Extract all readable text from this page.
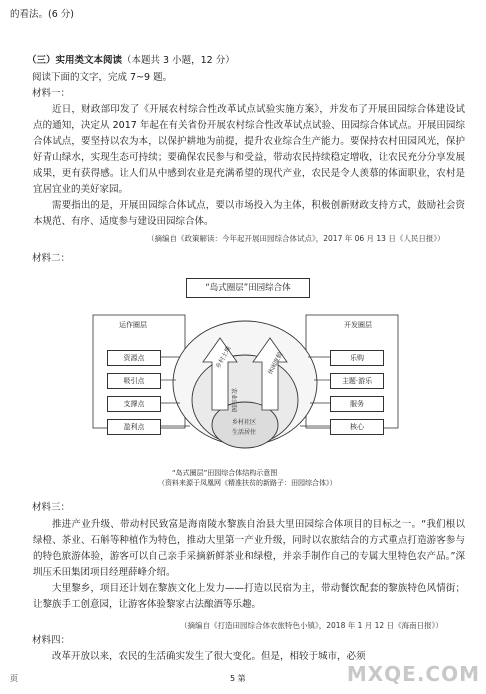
的看法。(6 分)
（三）实用类文本阅读（本题共 3 小题，12 分）
阅读下面的文字，完成 7~9 题。
材料一：
近日，财政部印发了《开展农村综合性改革试点试验实施方案》，并发布了开展田园综合体建设试点的通知，决定从 2017 年起在有关省份开展农村综合性改革试点试验、田园综合体试点。开展田园综合体试点，要坚持以农为本，以保护耕地为前提，提升农业综合生产能力。要保持农村田园风光，保护好青山绿水，实现生态可持续；要确保农民参与和受益，带动农民持续稳定增收，让农民充分分享发展成果，更有获得感。让人们从中感到农业是充满希望的现代产业，农民是令人羡慕的体面职业，农村是宜居宜业的美好家园。
需要指出的是，开展田园综合体试点，要以市场投入为主体，积极创新财政支持方式，鼓励社会资本规范、有序、适度参与建设田园综合体。
（摘编自《政策解读：今年起开展田园综合体试点》，2017 年 06 月 13 日《人民日报》）
材料二：
“岛式圈层”田园综合体
运作圈层	开发圈层
资源点
吸引点
支撑点
盈利点
乐购
主题·游乐
服务
核心
乡村土地
农业田园
休闲度假
乡村社区
生活居住
“岛式圈层”田园综合体结构示意图
（资料来源于凤凰网《精准扶贫的新路子：田园综合体》）
材料三：
推进产业升级、带动村民致富是海南陵水黎族自治县大里田园综合体项目的目标之一。“我们根以绿橙、茶业、石斛等种植作为特色，推动大里第一产业升级，同时以农旅结合的方式重点打造游客参与的特色旅游体验，游客可以自己亲手采摘新鲜茶业和绿橙，并亲手制作自己的专属大里特色农产品。”深圳压禾田集团项目经理薛峰介绍。
大里黎乡，项目还计划在黎族文化上发力——打造以民宿为主，带动餐饮配套的黎族特色风情街；让黎族手工创意园，让游客体验黎家古法酿酒等乐趣。
（摘编自《打造田园综合体农旅特色小镇》，2018 年 1 月 12 日《海南日报》）
材料四：
改革开放以来，农民的生活确实发生了很大变化。但是，相较于城市，必须
页	5 第	MXQE.COM
